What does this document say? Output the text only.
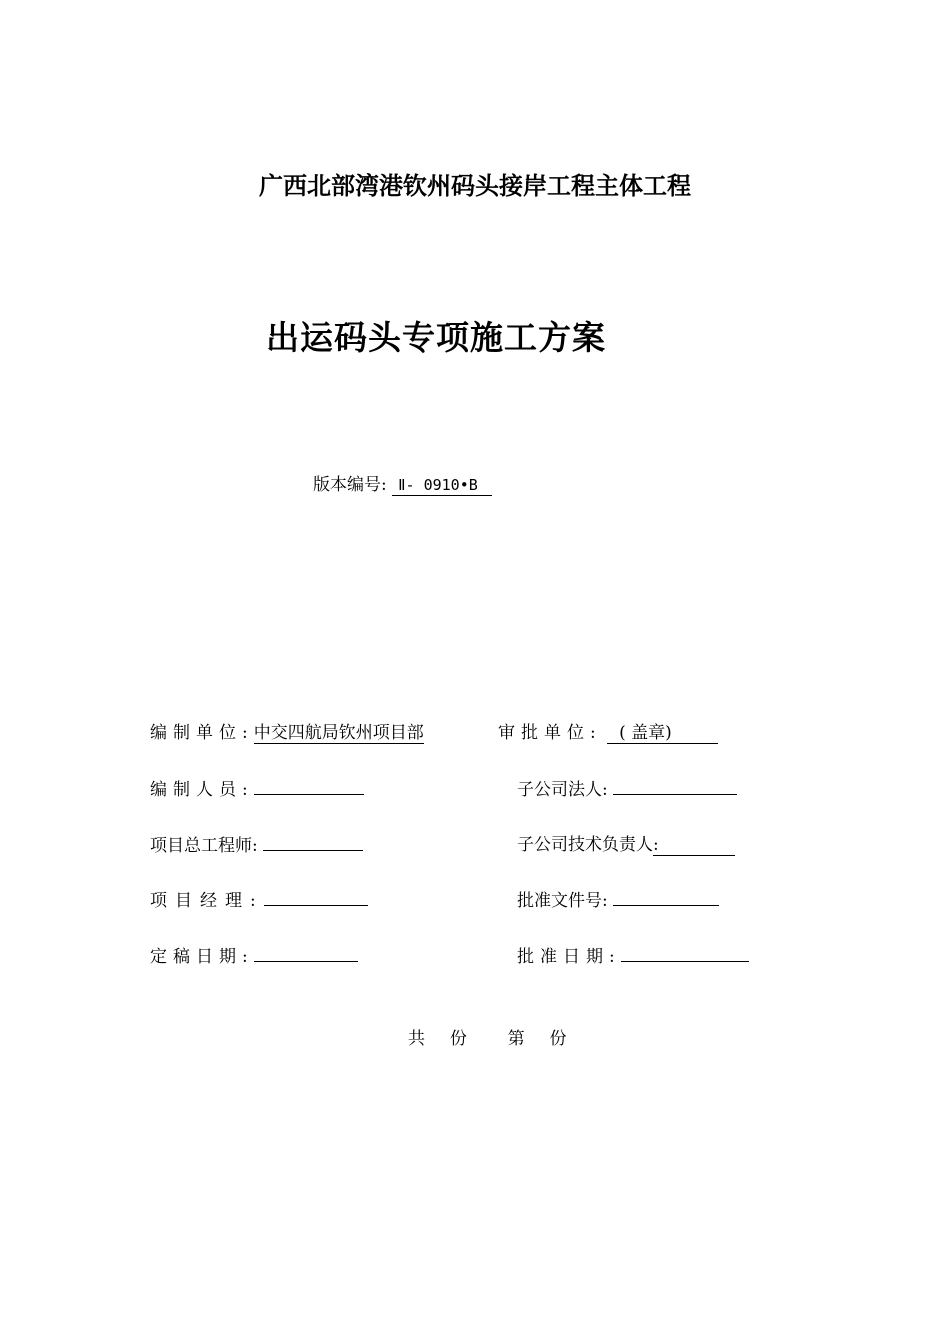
广西北部湾港钦州码头接岸工程主体工程
出运码头专项施工方案
版本编号: Ⅱ- 0910•B
编制单位:中交四航局钦州项目部
编制人员:
项目总工程师:
项目经理:
定稿日期:
审批单位: ( 盖章)
子公司法人:
子公司技术负责人:
批准文件号:
批准日期:
共 份 第 份
